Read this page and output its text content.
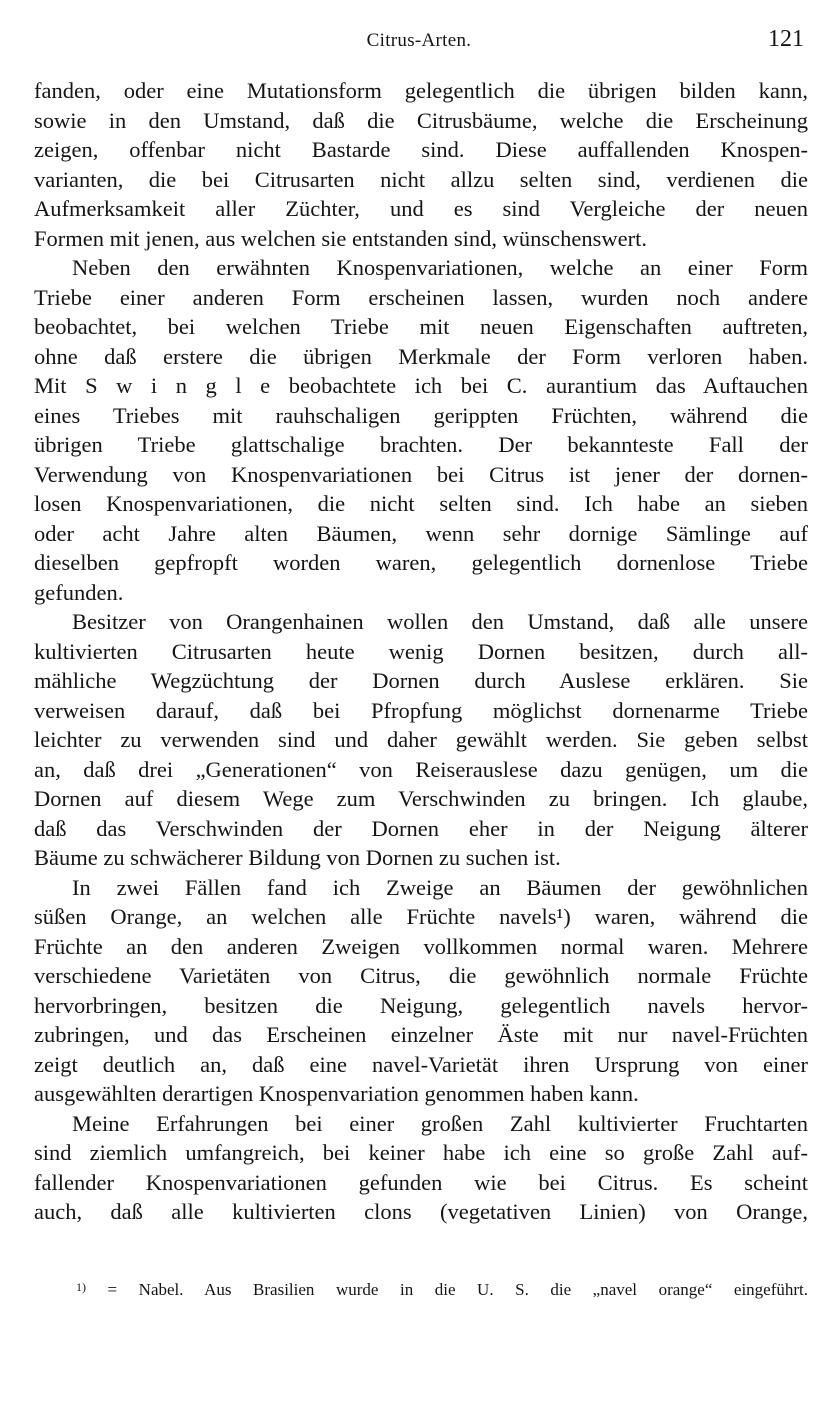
Citrus-Arten.	121
fanden, oder eine Mutationsform gelegentlich die übrigen bilden kann,
sowie in den Umstand, daß die Citrusbäume, welche die Erscheinung
zeigen, offenbar nicht Bastarde sind. Diese auffallenden Knospen-
varianten, die bei Citrusarten nicht allzu selten sind, verdienen die
Aufmerksamkeit aller Züchter, und es sind Vergleiche der neuen
Formen mit jenen, aus welchen sie entstanden sind, wünschenswert.
Neben den erwähnten Knospenvariationen, welche an einer Form
Triebe einer anderen Form erscheinen lassen, wurden noch andere
beobachtet, bei welchen Triebe mit neuen Eigenschaften auftreten,
ohne daß erstere die übrigen Merkmale der Form verloren haben.
Mit S w i n g l e beobachtete ich bei C. aurantium das Auftauchen
eines Triebes mit rauhschaligen gerippten Früchten, während die
übrigen Triebe glattschalige brachten. Der bekannteste Fall der
Verwendung von Knospenvariationen bei Citrus ist jener der dornen-
losen Knospenvariationen, die nicht selten sind. Ich habe an sieben
oder acht Jahre alten Bäumen, wenn sehr dornige Sämlinge auf
dieselben gepfropft worden waren, gelegentlich dornenlose Triebe
gefunden.
Besitzer von Orangenhainen wollen den Umstand, daß alle unsere
kultivierten Citrusarten heute wenig Dornen besitzen, durch all-
mähliche Wegzüchtung der Dornen durch Auslese erklären. Sie
verweisen darauf, daß bei Pfropfung möglichst dornenarme Triebe
leichter zu verwenden sind und daher gewählt werden. Sie geben selbst
an, daß drei „Generationen“ von Reiserauslese dazu genügen, um die
Dornen auf diesem Wege zum Verschwinden zu bringen. Ich glaube,
daß das Verschwinden der Dornen eher in der Neigung älterer
Bäume zu schwächerer Bildung von Dornen zu suchen ist.
In zwei Fällen fand ich Zweige an Bäumen der gewöhnlichen
süßen Orange, an welchen alle Früchte navels¹) waren, während die
Früchte an den anderen Zweigen vollkommen normal waren. Mehrere
verschiedene Varietäten von Citrus, die gewöhnlich normale Früchte
hervorbringen, besitzen die Neigung, gelegentlich navels hervor-
zubringen, und das Erscheinen einzelner Äste mit nur navel-Früchten
zeigt deutlich an, daß eine navel-Varietät ihren Ursprung von einer
ausgewählten derartigen Knospenvariation genommen haben kann.
Meine Erfahrungen bei einer großen Zahl kultivierter Fruchtarten
sind ziemlich umfangreich, bei keiner habe ich eine so große Zahl auf-
fallender Knospenvariationen gefunden wie bei Citrus. Es scheint
auch, daß alle kultivierten clons (vegetativen Linien) von Orange,
$^{1)}$ = Nabel. Aus Brasilien wurde in die U. S. die „navel orange“ eingeführt.
